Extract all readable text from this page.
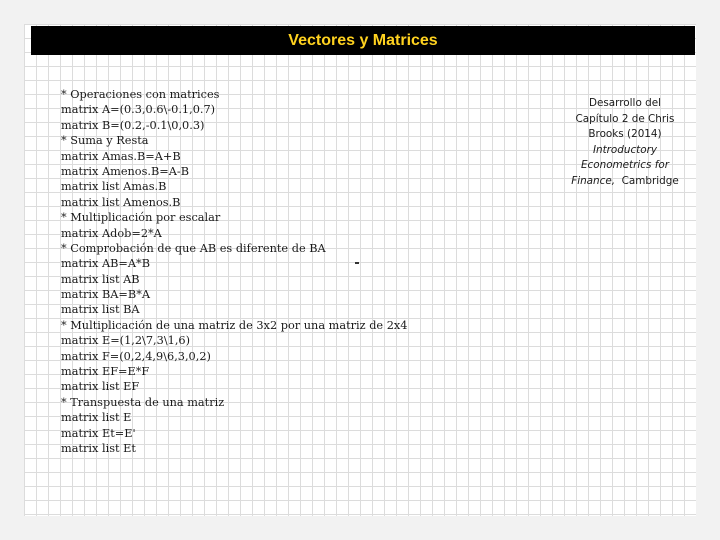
Vectores y Matrices
* Operaciones con matrices
matrix A=(0.3,0.6\-0.1,0.7)
matrix B=(0.2,-0.1\0,0.3)
* Suma y Resta
matrix Amas.B=A+B
matrix Amenos.B=A-B
matrix list Amas.B
matrix list Amenos.B
* Multiplicación por escalar
matrix Adob=2*A
* Comprobación de que AB es diferente de BA
matrix AB=A*B
matrix list AB
matrix BA=B*A
matrix list BA
* Multiplicación de una matriz de 3x2 por una matriz de 2x4
matrix E=(1,2\7,3\1,6)
matrix F=(0,2,4,9\6,3,0,2)
matrix EF=E*F
matrix list EF
* Transpuesta de una matriz
matrix list E
matrix Et=E'
matrix list Et
Desarrollo del
Capítulo 2 de Chris
Brooks (2014)
Introductory
Econometrics for
Finance, Cambridge
